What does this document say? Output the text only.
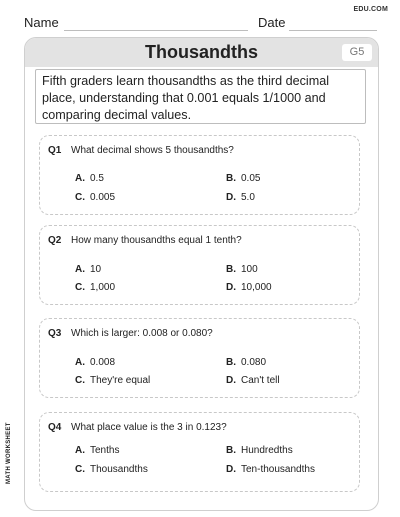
EDU.COM
Name	Date
Thousandths	G5
Fifth graders learn thousandths as the third decimal place, understanding that 0.001 equals 1/1000 and comparing decimal values.
Q1 What decimal shows 5 thousandths?
A. 0.5	B. 0.05
C. 0.005	D. 5.0
Q2 How many thousandths equal 1 tenth?
A. 10	B. 100
C. 1,000	D. 10,000
Q3 Which is larger: 0.008 or 0.080?
A. 0.008	B. 0.080
C. They're equal	D. Can't tell
Q4 What place value is the 3 in 0.123?
A. Tenths	B. Hundredths
C. Thousandths	D. Ten-thousandths
MATH WORKSHEET
